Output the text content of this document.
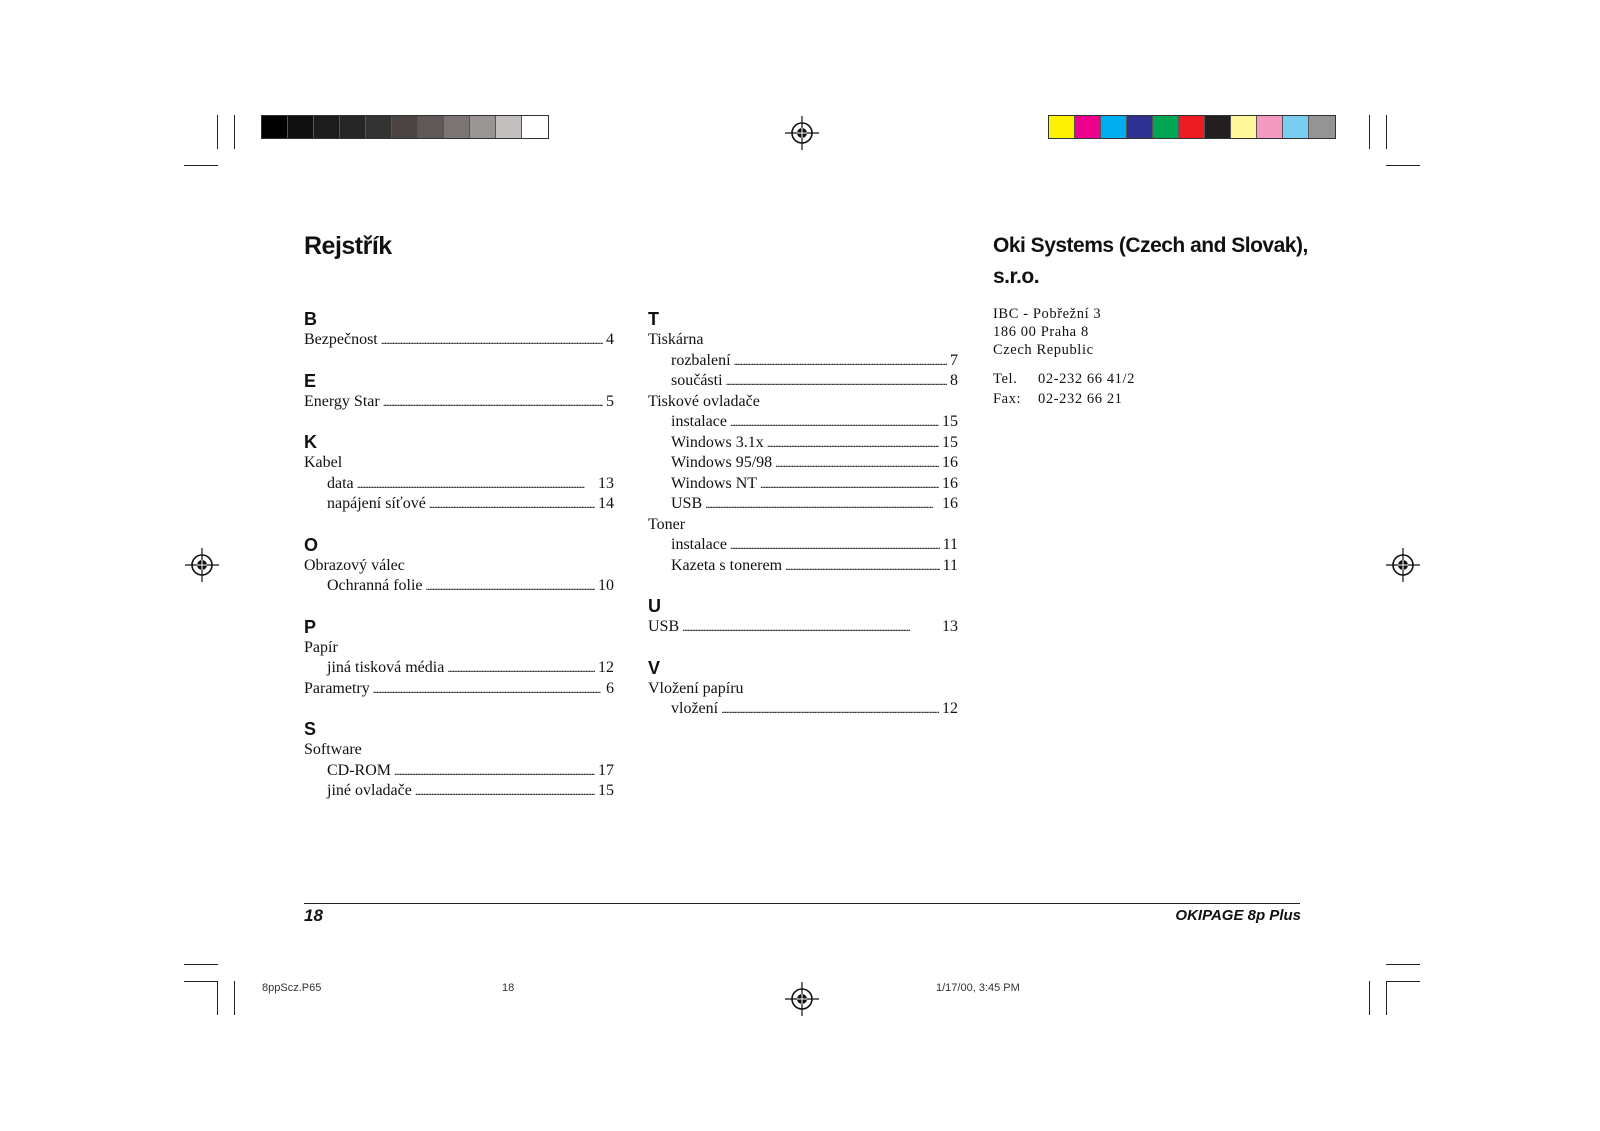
Rejstřík
B
Bezpečnost . . .	4
E
Energy Star . . .	5
K
Kabel
data . . .	13
napájení síťové . . .	14
O
Obrazový válec
Ochranná folie . . .	10
P
Papír
jiná tisková média . . .	12
Parametry . . .	6
S
Software
CD-ROM . . .	17
jiné ovladače . . .	15
T
Tiskárna
rozbalení . . .	7
součásti . . .	8
Tiskové ovladače
instalace . . .	15
Windows 3.1x . . .	15
Windows 95/98 . . .	16
Windows NT . . .	16
USB . . .	16
Toner
instalace . . .	11
Kazeta s tonerem . . .	11
U
USB . . .	13
V
Vložení papíru
vložení . . .	12
Oki Systems (Czech and Slovak),
s.r.o.
IBC - Pobřežní 3
186 00 Praha 8
Czech Republic
Tel.	02-232 66 41/2
Fax:	02-232 66 21
18	OKIPAGE 8p Plus
8ppScz.P65	18	1/17/00, 3:45 PM
